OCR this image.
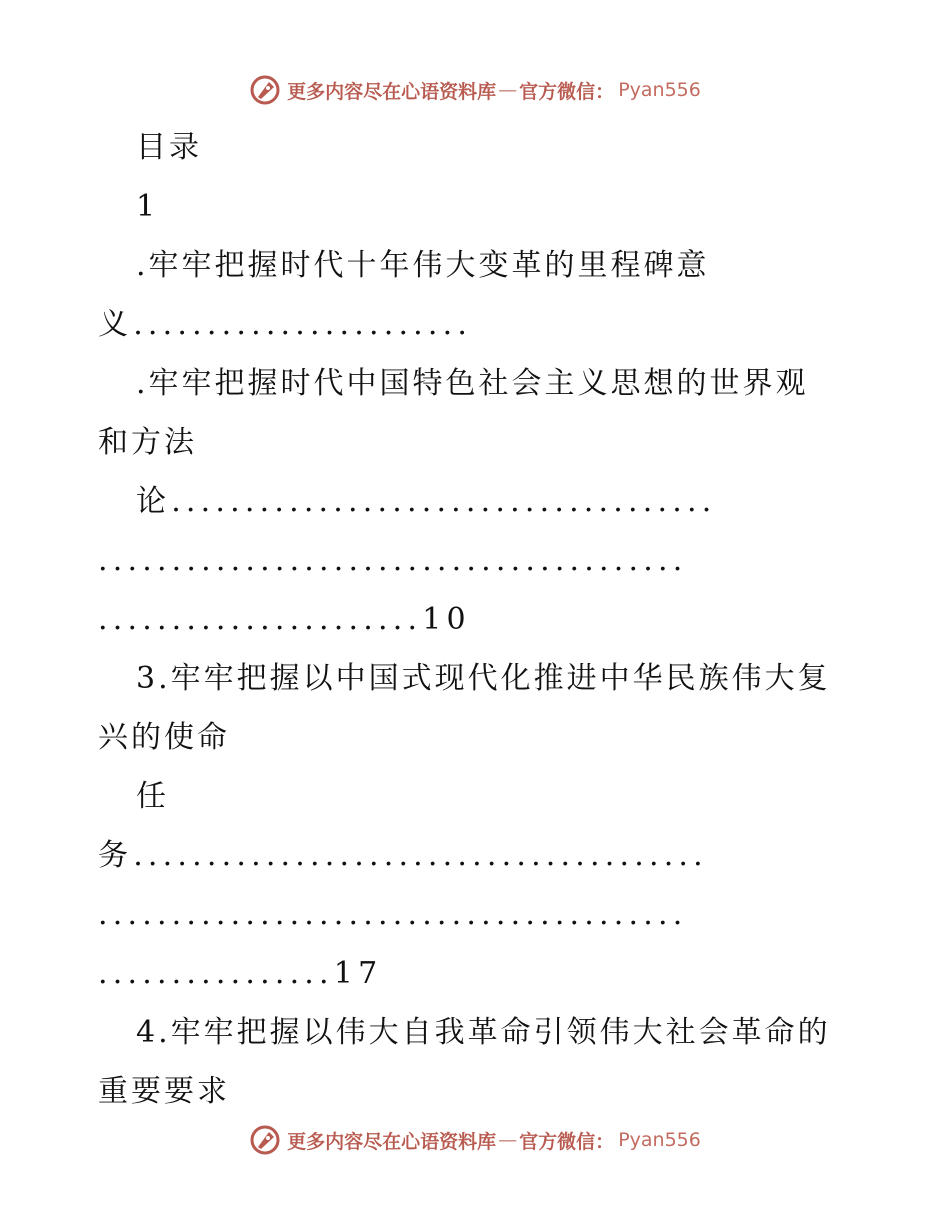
更多内容尽在心语资料库 — 官方微信： Pyan556
目录
1
.牢牢把握时代十年伟大变革的里程碑意
义.......................
.牢牢把握时代中国特色社会主义思想的世界观
和方法
论.....................................
........................................
......................10
3.牢牢把握以中国式现代化推进中华民族伟大复
兴的使命
任
务.......................................
........................................
................17
4.牢牢把握以伟大自我革命引领伟大社会革命的
重要要求
更多内容尽在心语资料库 — 官方微信： Pyan556
